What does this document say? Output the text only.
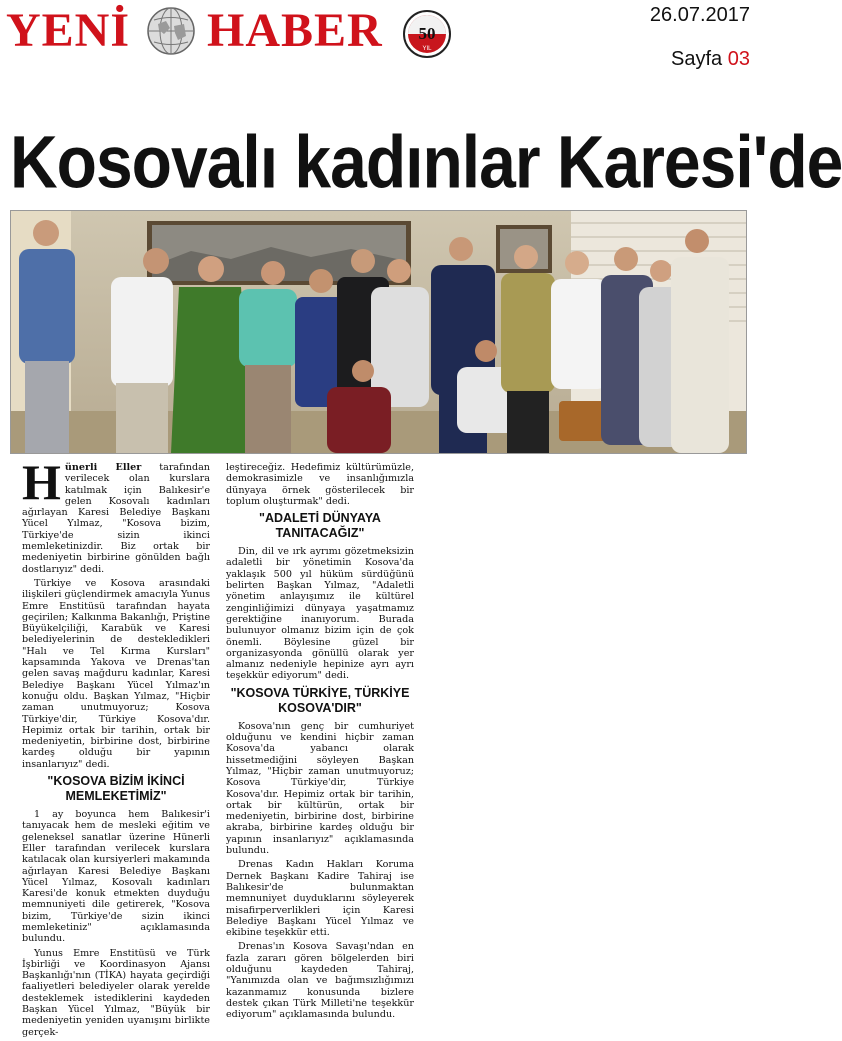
YENİ HABER 50
YIL
26.07.2017
Sayfa 03
Kosovalı kadınlar Karesi'de

Hünerli Eller tarafından verilecek olan kurslara katılmak için Balıkesir'e gelen Kosovalı kadınları ağırlayan Karesi Belediye Başkanı Yücel Yılmaz, "Kosova bizim, Türkiye'de sizin ikinci memleketinizdir. Biz ortak bir medeniyetin birbirine gönülden bağlı dostlarıyız" dedi.

Türkiye ve Kosova arasındaki ilişkileri güçlendirmek amacıyla Yunus Emre Enstitüsü tarafından hayata geçirilen; Kalkınma Bakanlığı, Priştine Büyükelçiliği, Karabük ve Karesi belediyelerinin de destekledikleri "Halı ve Tel Kırma Kursları" kapsamında Yakova ve Drenas'tan gelen savaş mağduru kadınlar, Karesi Belediye Başkanı Yücel Yılmaz'ın konuğu oldu. Başkan Yılmaz, "Hiçbir zaman unutmuyoruz; Kosova Türkiye'dir, Türkiye Kosova'dır. Hepimiz ortak bir tarihin, ortak bir medeniyetin, birbirine dost, birbirine kardeş olduğu bir yapının insanlarıyız" dedi.

"KOSOVA BİZİM İKİNCİ MEMLEKETİMİZ"

1 ay boyunca hem Balıkesir'i tanıyacak hem de mesleki eğitim ve geleneksel sanatlar üzerine Hünerli Eller tarafından verilecek kurslara katılacak olan kursiyerleri makamında ağırlayan Karesi Belediye Başkanı Yücel Yılmaz, Kosovalı kadınları Karesi'de konuk etmekten duyduğu memnuniyeti dile getirerek, "Kosova bizim, Türkiye'de sizin ikinci memleketiniz" açıklamasında bulundu.

Yunus Emre Enstitüsü ve Türk İşbirliği ve Koordinasyon Ajansı Başkanlığı'nın (TİKA) hayata geçirdiği faaliyetleri belediyeler olarak yerelde desteklemek istediklerini kaydeden Başkan Yücel Yılmaz, "Büyük bir medeniyetin yeniden uyanışını birlikte gerçek-

leştireceğiz. Hedefimiz kültürümüzle, demokrasimizle ve insanlığımızla dünyaya örnek gösterilecek bir toplum oluşturmak" dedi.

"ADALETİ DÜNYAYA TANITACAĞIZ"

Din, dil ve ırk ayrımı gözetmeksizin adaletli bir yönetimin Kosova'da yaklaşık 500 yıl hüküm sürdüğünü belirten Başkan Yılmaz, "Adaletli yönetim anlayışımız ile kültürel zenginliğimizi dünyaya yaşatmamız gerektiğine inanıyorum. Burada bulunuyor olmanız bizim için de çok önemli. Böylesine güzel bir organizasyonda gönüllü olarak yer almanız nedeniyle hepinize ayrı ayrı teşekkür ediyorum" dedi.

"KOSOVA TÜRKİYE, TÜRKİYE KOSOVA'DIR"

Kosova'nın genç bir cumhuriyet olduğunu ve kendini hiçbir zaman Kosova'da yabancı olarak hissetmediğini söyleyen Başkan Yılmaz, "Hiçbir zaman unutmuyoruz; Kosova Türkiye'dir, Türkiye Kosova'dır. Hepimiz ortak bir tarihin, ortak bir kültürün, ortak bir medeniyetin, birbirine dost, birbirine akraba, birbirine kardeş olduğu bir yapının insanlarıyız" açıklamasında bulundu.

Drenas Kadın Hakları Koruma Dernek Başkanı Kadire Tahiraj ise Balıkesir'de bulunmaktan memnuniyet duyduklarını söyleyerek misafirperverlikleri için Karesi Belediye Başkanı Yücel Yılmaz ve ekibine teşekkür etti.

Drenas'ın Kosova Savaşı'ndan en fazla zararı gören bölgelerden biri olduğunu kaydeden Tahiraj, "Yanımızda olan ve bağımsızlığımızı kazanmamız konusunda bizlere destek çıkan Türk Milleti'ne teşekkür ediyorum" açıklamasında bulundu.
